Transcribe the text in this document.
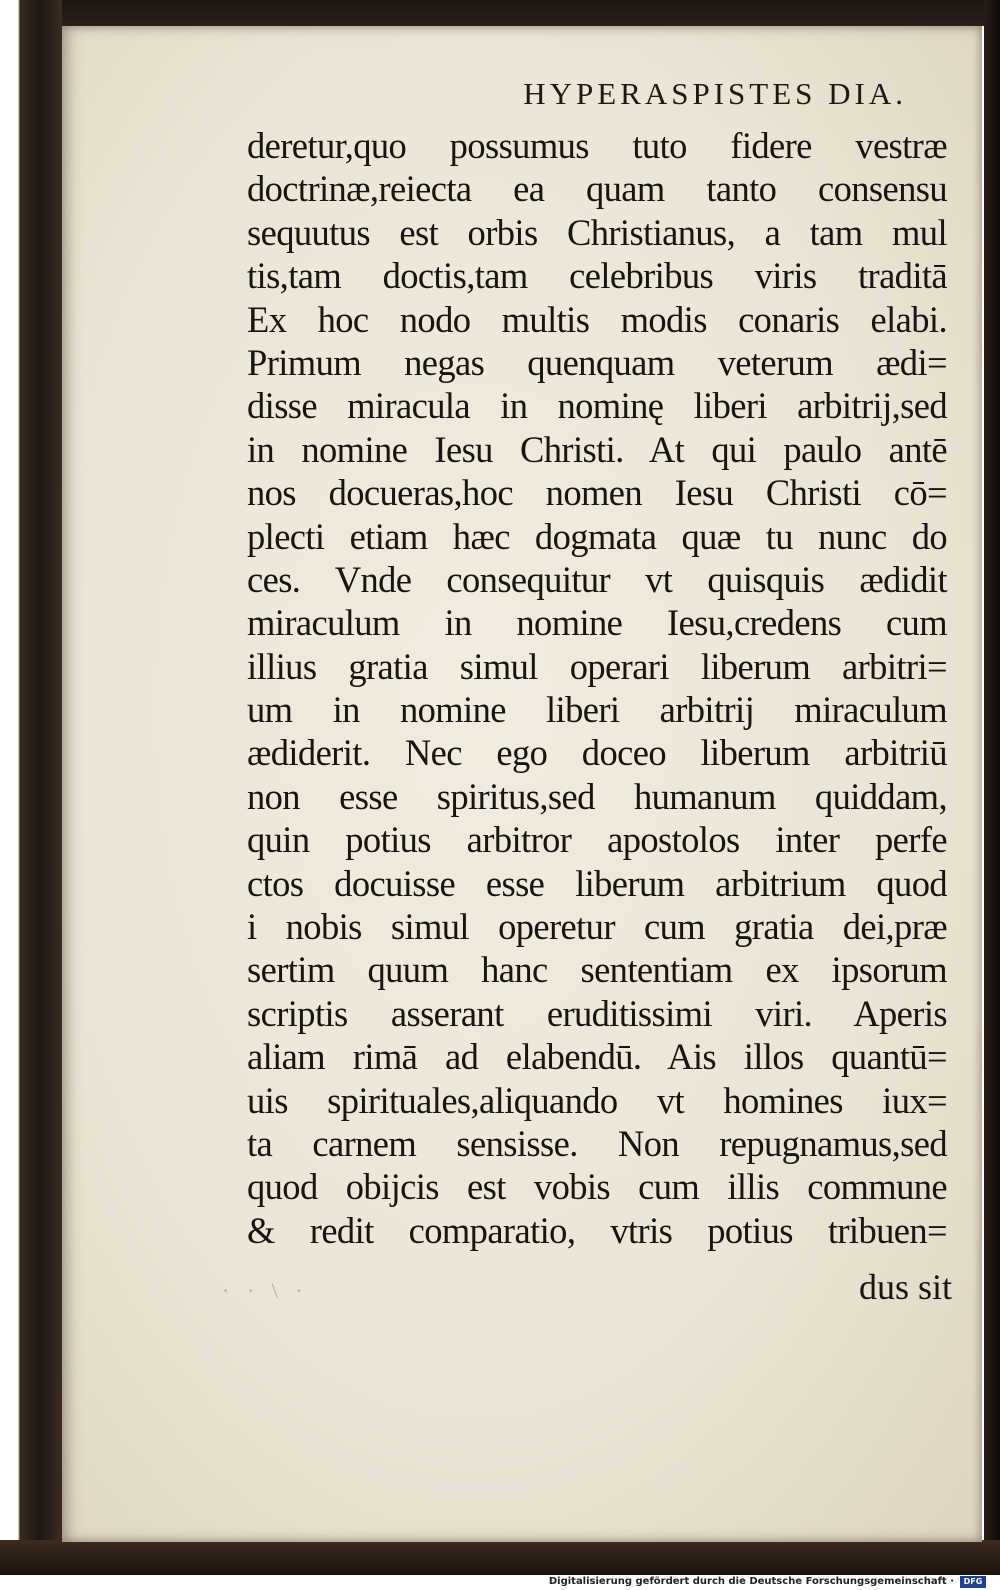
HYPERASPISTES DIA.
deretur,quo possumus tuto fidere vestræ
doctrinæ,reiecta ea quam tanto consensu
sequutus est orbis Christianus, a tam mul
tis,tam doctis,tam celebribus viris traditā
Ex hoc nodo multis modis conaris elabi.
Primum negas quenquam veterum ædi=
disse miracula in nominę liberi arbitrij,sed
in nomine Iesu Christi. At qui paulo antē
nos docueras,hoc nomen Iesu Christi cō=
plecti etiam hæc dogmata quæ tu nunc do
ces. Vnde consequitur vt quisquis ædidit
miraculum in nomine Iesu,credens cum
illius gratia simul operari liberum arbitri=
um in nomine liberi arbitrij miraculum
ædiderit. Nec ego doceo liberum arbitriū
non esse spiritus,sed humanum quiddam,
quin potius arbitror apostolos inter perfe
ctos docuisse esse liberum arbitrium quod
i nobis simul operetur cum gratia dei,præ
sertim quum hanc sententiam ex ipsorum
scriptis asserant eruditissimi viri. Aperis
aliam rimā ad elabendū. Ais illos quantū=
uis spirituales,aliquando vt homines iux=
ta carnem sensisse. Non repugnamus,sed
quod obijcis est vobis cum illis commune
& redit comparatio, vtris potius tribuen=
· · \ ·	dus sit
Digitalisierung gefördert durch die Deutsche Forschungsgemeinschaft ·	DFG
